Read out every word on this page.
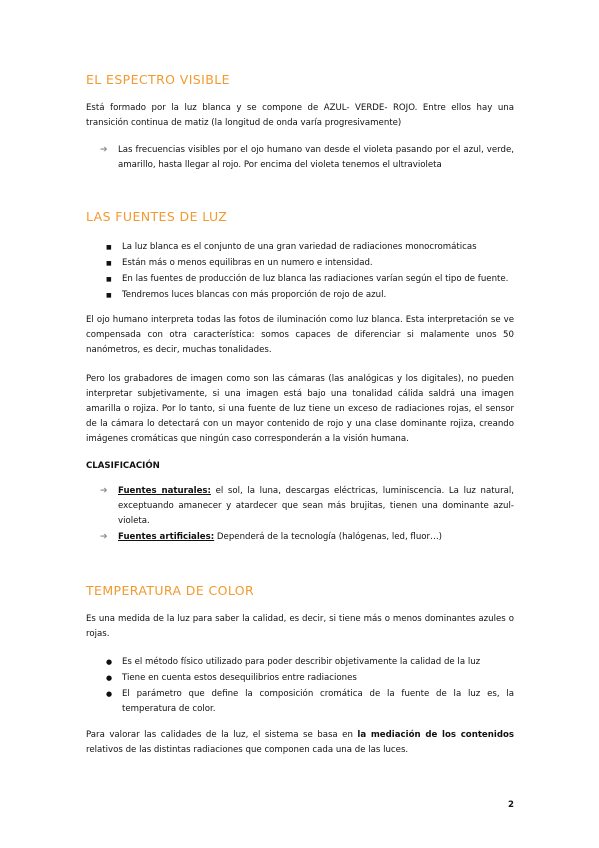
EL ESPECTRO VISIBLE
Está formado por la luz blanca y se compone de AZUL- VERDE- ROJO. Entre ellos hay una transición continua de matiz (la longitud de onda varía progresivamente)
➔ Las frecuencias visibles por el ojo humano van desde el violeta pasando por el azul, verde, amarillo, hasta llegar al rojo. Por encima del violeta tenemos el ultravioleta
LAS FUENTES DE LUZ
■ La luz blanca es el conjunto de una gran variedad de radiaciones monocromáticas
■ Están más o menos equilibras en un numero e intensidad.
■ En las fuentes de producción de luz blanca las radiaciones varían según el tipo de fuente.
■ Tendremos luces blancas con más proporción de rojo de azul.
El ojo humano interpreta todas las fotos de iluminación como luz blanca. Esta interpretación se ve compensada con otra característica: somos capaces de diferenciar si malamente unos 50 nanómetros, es decir, muchas tonalidades.
Pero los grabadores de imagen como son las cámaras (las analógicas y los digitales), no pueden interpretar subjetivamente, si una imagen está bajo una tonalidad cálida saldrá una imagen amarilla o rojiza. Por lo tanto, si una fuente de luz tiene un exceso de radiaciones rojas, el sensor de la cámara lo detectará con un mayor contenido de rojo y una clase dominante rojiza, creando imágenes cromáticas que ningún caso corresponderán a la visión humana.
CLASIFICACIÓN
➔ Fuentes naturales: el sol, la luna, descargas eléctricas, luminiscencia. La luz natural, exceptuando amanecer y atardecer que sean más brujitas, tienen una dominante azul-violeta.
➔ Fuentes artificiales: Dependerá de la tecnología (halógenas, led, fluor…)
TEMPERATURA DE COLOR
Es una medida de la luz para saber la calidad, es decir, si tiene más o menos dominantes azules o rojas.
● Es el método físico utilizado para poder describir objetivamente la calidad de la luz
● Tiene en cuenta estos desequilibrios entre radiaciones
● El parámetro que define la composición cromática de la fuente de la luz es, la temperatura de color.
Para valorar las calidades de la luz, el sistema se basa en la mediación de los contenidos relativos de las distintas radiaciones que componen cada una de las luces.
2
